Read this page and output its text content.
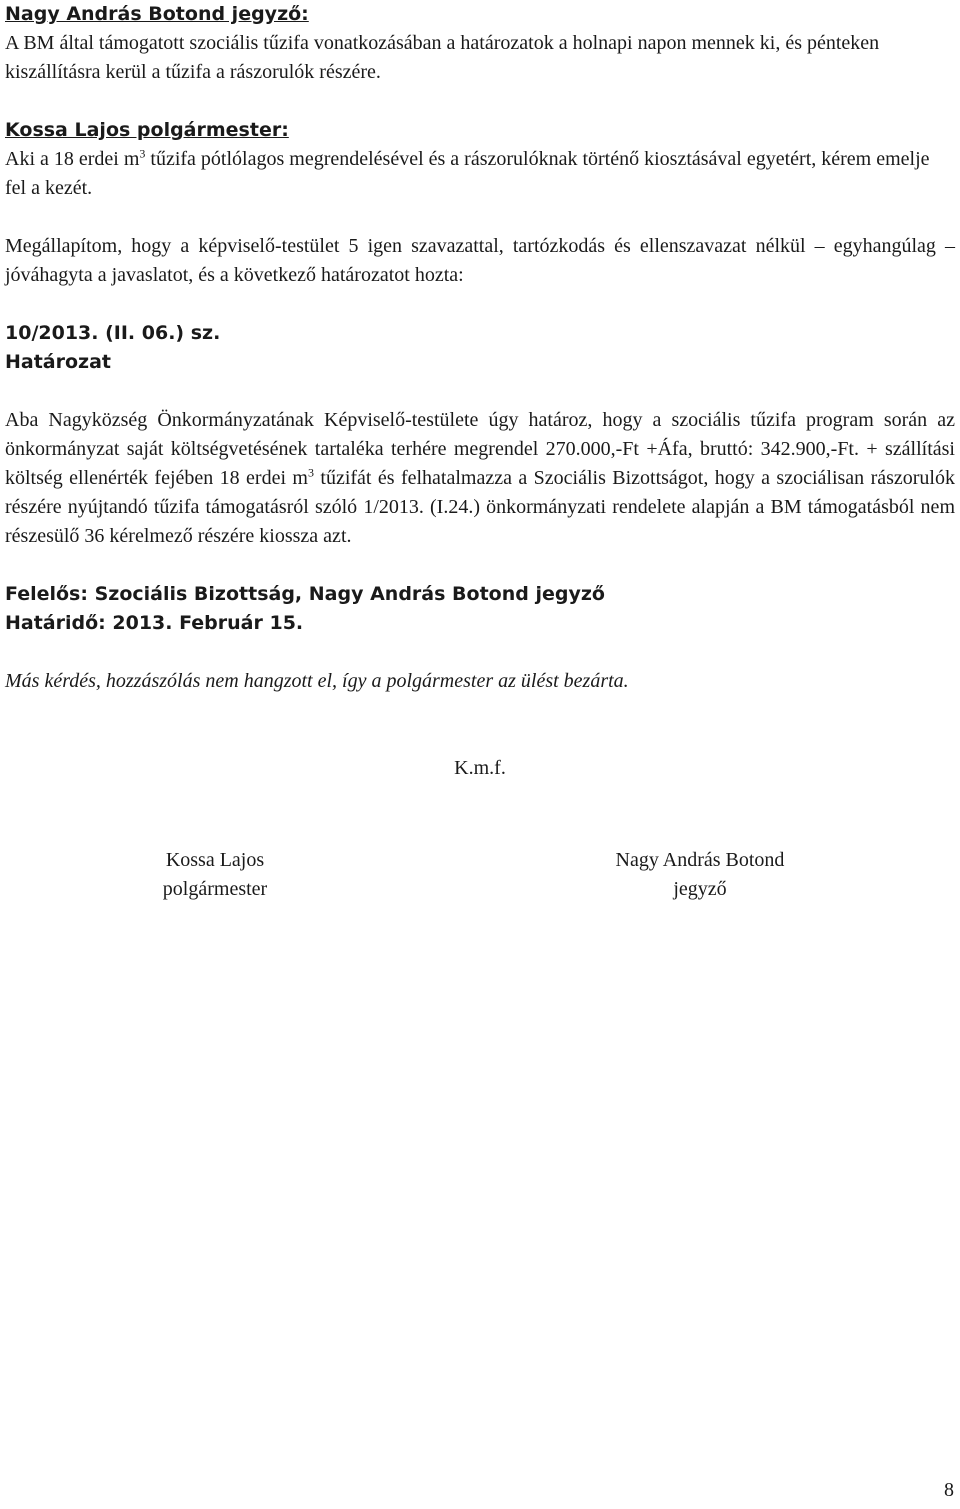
Nagy András Botond jegyző:
A BM által támogatott szociális tűzifa vonatkozásában a határozatok a holnapi napon mennek ki, és pénteken kiszállításra kerül a tűzifa a rászorulók részére.

Kossa Lajos polgármester:
Aki a 18 erdei $m^3$ tűzifa pótlólagos megrendelésével és a rászorulóknak történő kiosztásával egyetért, kérem emelje fel a kezét.

Megállapítom, hogy a képviselő-testület 5 igen szavazattal, tartózkodás és ellenszavazat nélkül – egyhangúlag – jóváhagyta a javaslatot, és a következő határozatot hozta:

10/2013. (II. 06.) sz.
Határozat

Aba Nagyközség Önkormányzatának Képviselő-testülete úgy határoz, hogy a szociális tűzifa program során az önkormányzat saját költségvetésének tartaléka terhére megrendel 270.000,-Ft +Áfa, bruttó: 342.900,-Ft. + szállítási költség ellenérték fejében 18 erdei $m^3$ tűzifát és felhatalmazza a Szociális Bizottságot, hogy a szociálisan rászorulók részére nyújtandó tűzifa támogatásról szóló 1/2013. (I.24.) önkormányzati rendelete alapján a BM támogatásból nem részesülő 36 kérelmező részére kiossza azt.

Felelős: Szociális Bizottság, Nagy András Botond jegyző
Határidő: 2013. Február 15.

Más kérdés, hozzászólás nem hangzott el, így a polgármester az ülést bezárta.

K.m.f.

Kossa Lajos
polgármester
Nagy András Botond
jegyző
8
